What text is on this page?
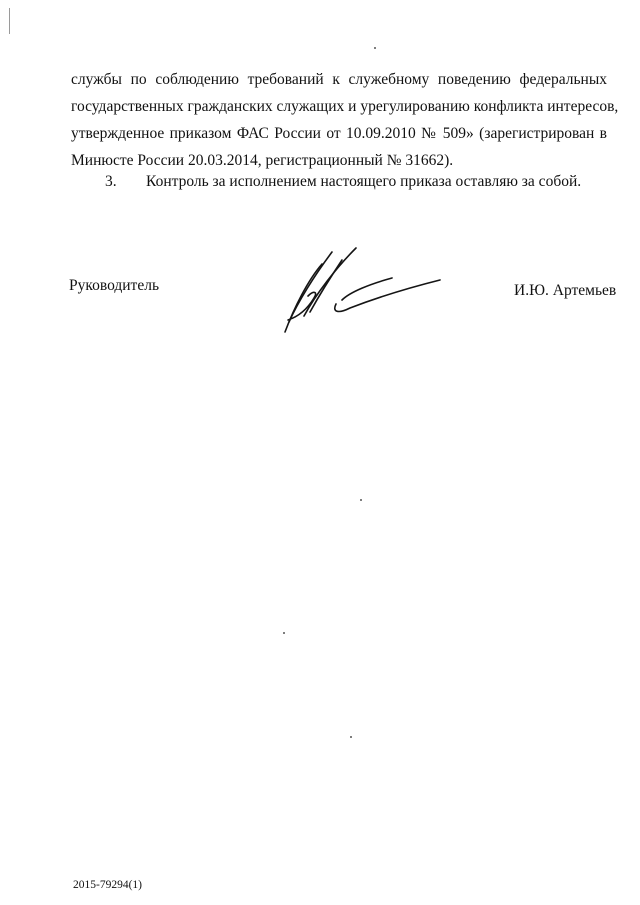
службы по соблюдению требований к служебному поведению федеральных
государственных гражданских служащих и урегулированию конфликта интересов,
утвержденное приказом ФАС России от 10.09.2010 № 509» (зарегистрирован в
Минюсте России 20.03.2014, регистрационный № 31662).
3. Контроль за исполнением настоящего приказа оставляю за собой.
Руководитель	И.Ю. Артемьев
2015-79294(1)
